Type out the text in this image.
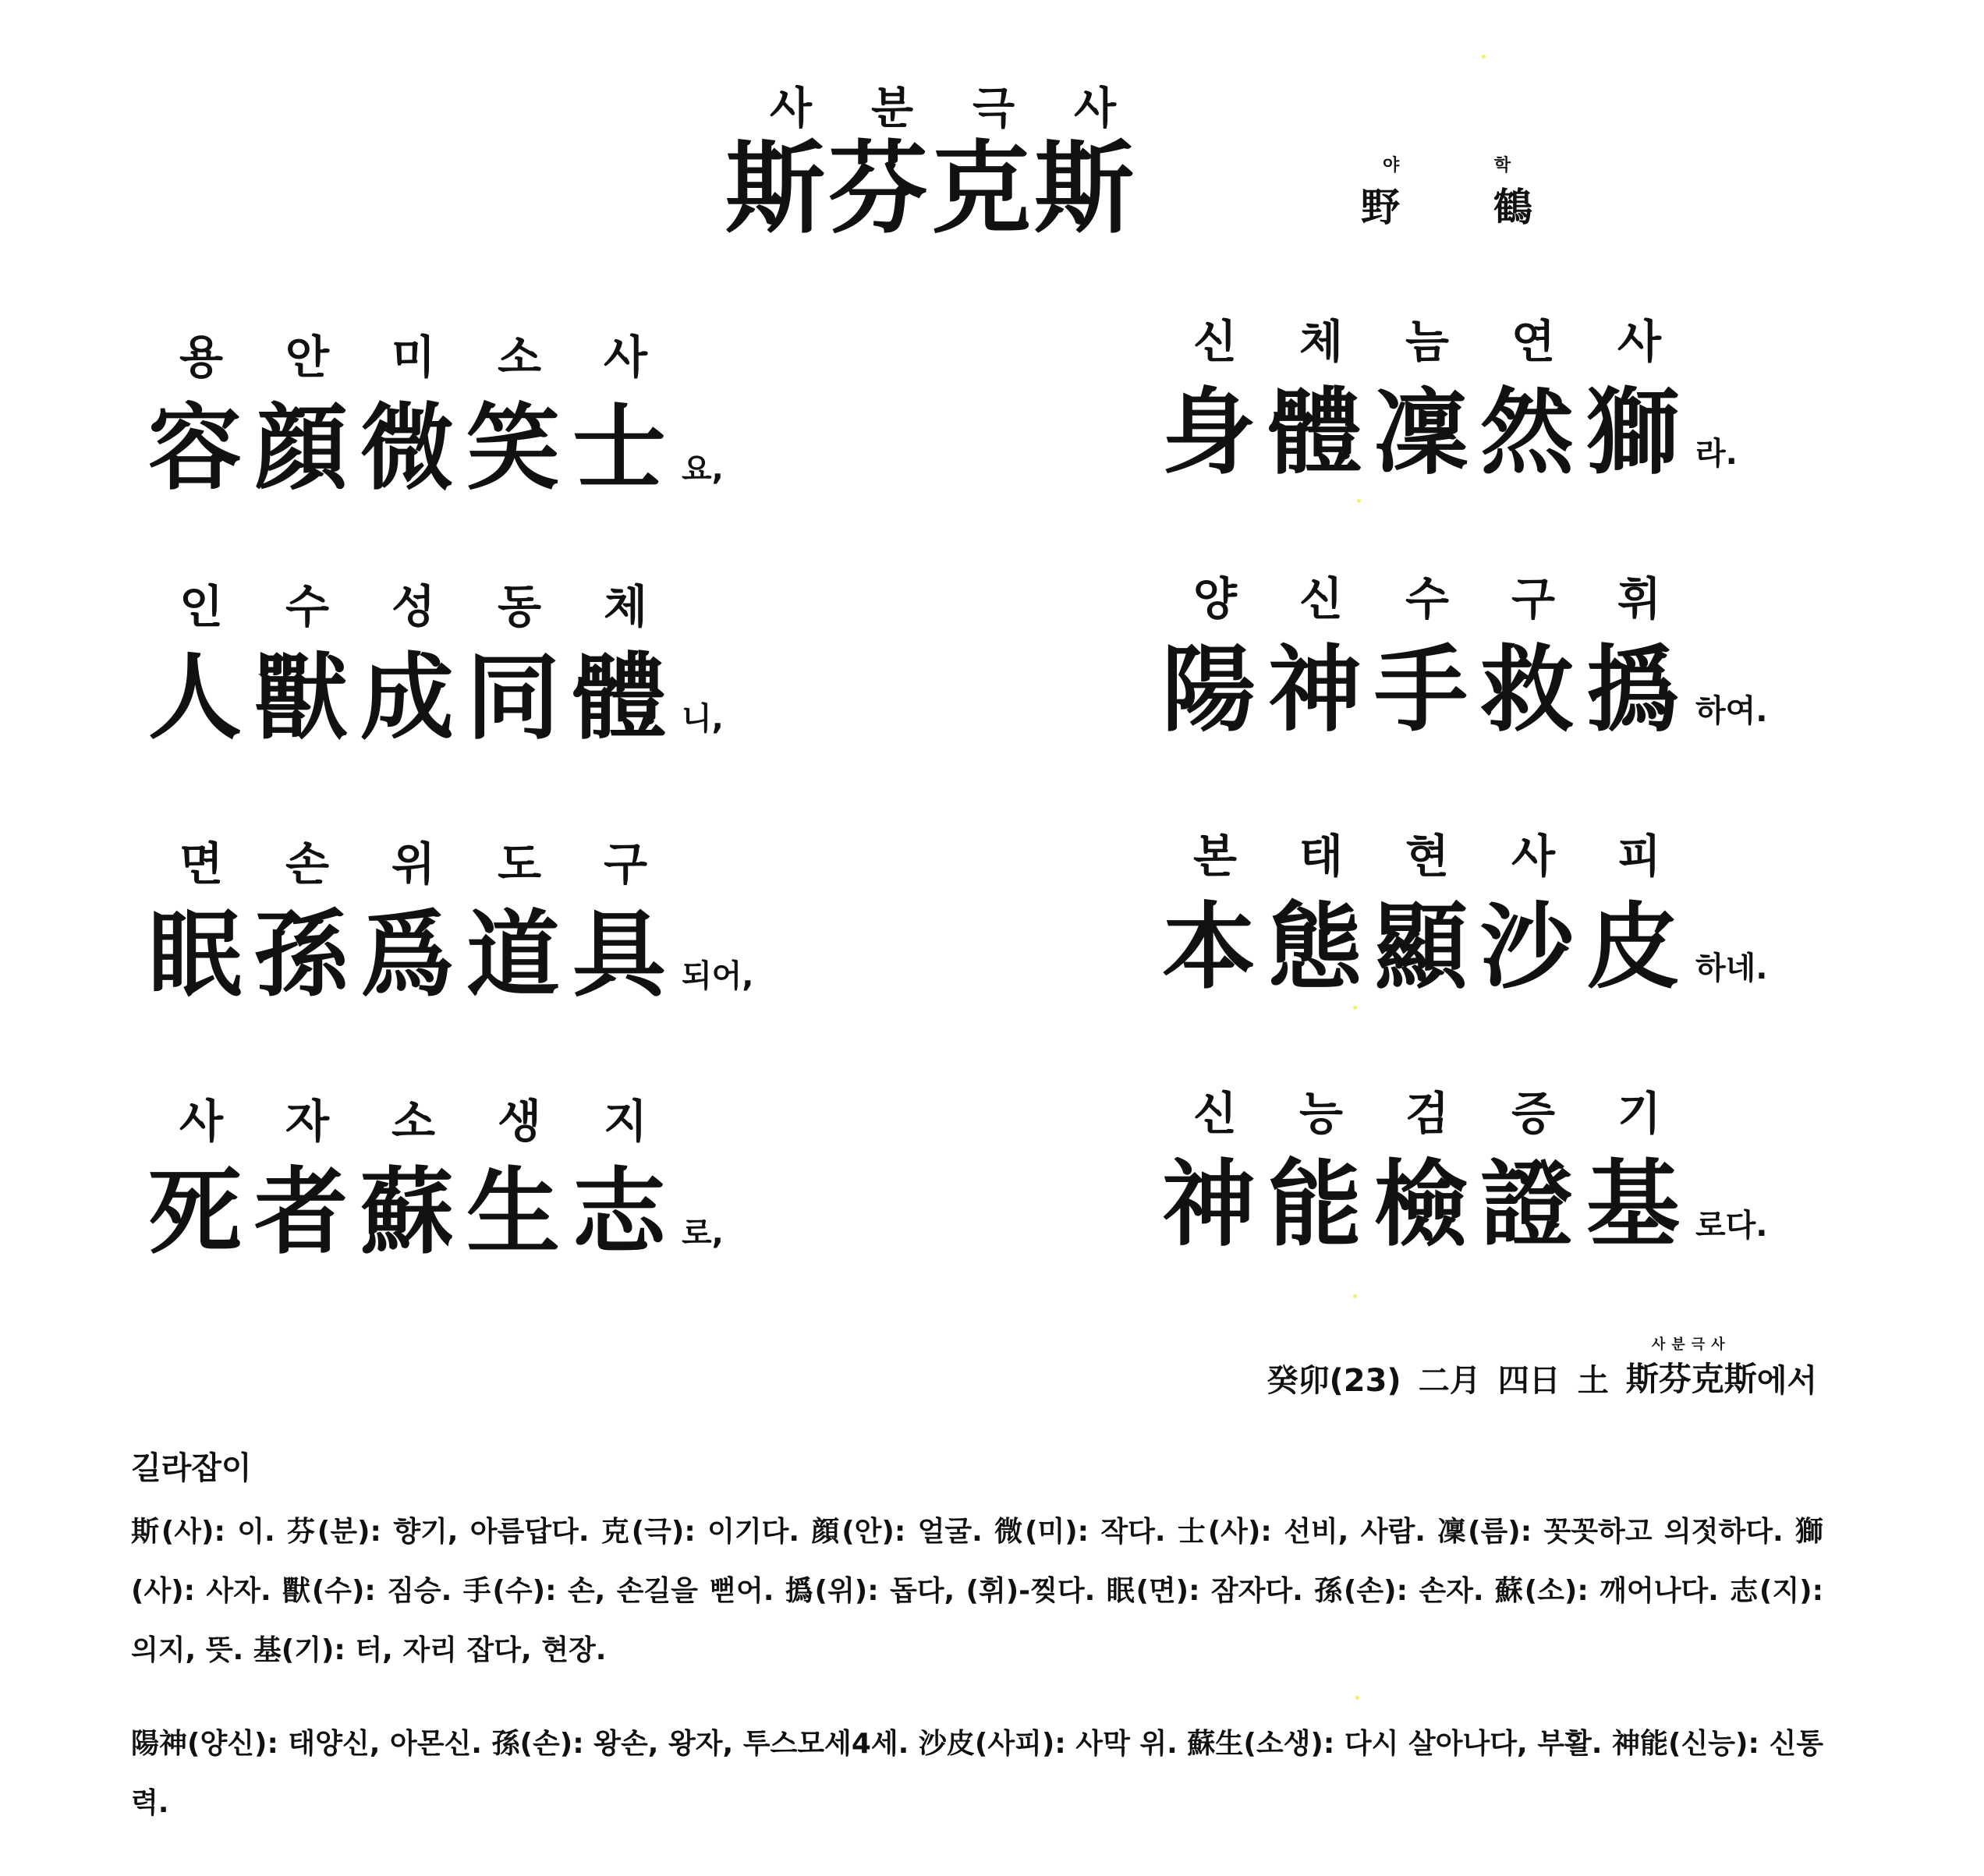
사 분 극 사
斯芬克斯	야	학
野 鶴
용	안	미	소	사
容顔微笑士 요,
인	수	성	동	체
人獸成同體 니,
면	손	위	도	구
眠孫爲道具 되어,
사	자	소	생	지
死者蘇生志 로,
신	체	늠	연	사
身體凜然獅 라.
양	신	수	구	휘
陽神手救撝 하여.
본	태	현	사	피
本態顯沙皮 하네.
신	능	검	증	기
神能檢證基 로다.
癸卯(23) 二月 四日 土
사분극사
斯芬克斯 에서
길라잡이
斯(사): 이. 芬(분): 향기, 아름답다. 克(극): 이기다. 顔(안): 얼굴. 微(미): 작다. 士(사): 선비, 사람. 凜(름): 꼿꼿하고 의젓하다. 獅(사): 사자. 獸(수): 짐승. 手(수): 손, 손길을 뻗어. 撝(위): 돕다, (휘)-찢다. 眠(면): 잠자다. 孫(손): 손자. 蘇(소): 깨어나다. 志(지): 의지, 뜻. 基(기): 터, 자리 잡다, 현장.
陽神(양신): 태양신, 아몬신. 孫(손): 왕손, 왕자, 투스모세4세. 沙皮(사피): 사막 위. 蘇生(소생): 다시 살아나다, 부활. 神能(신능): 신통력.
